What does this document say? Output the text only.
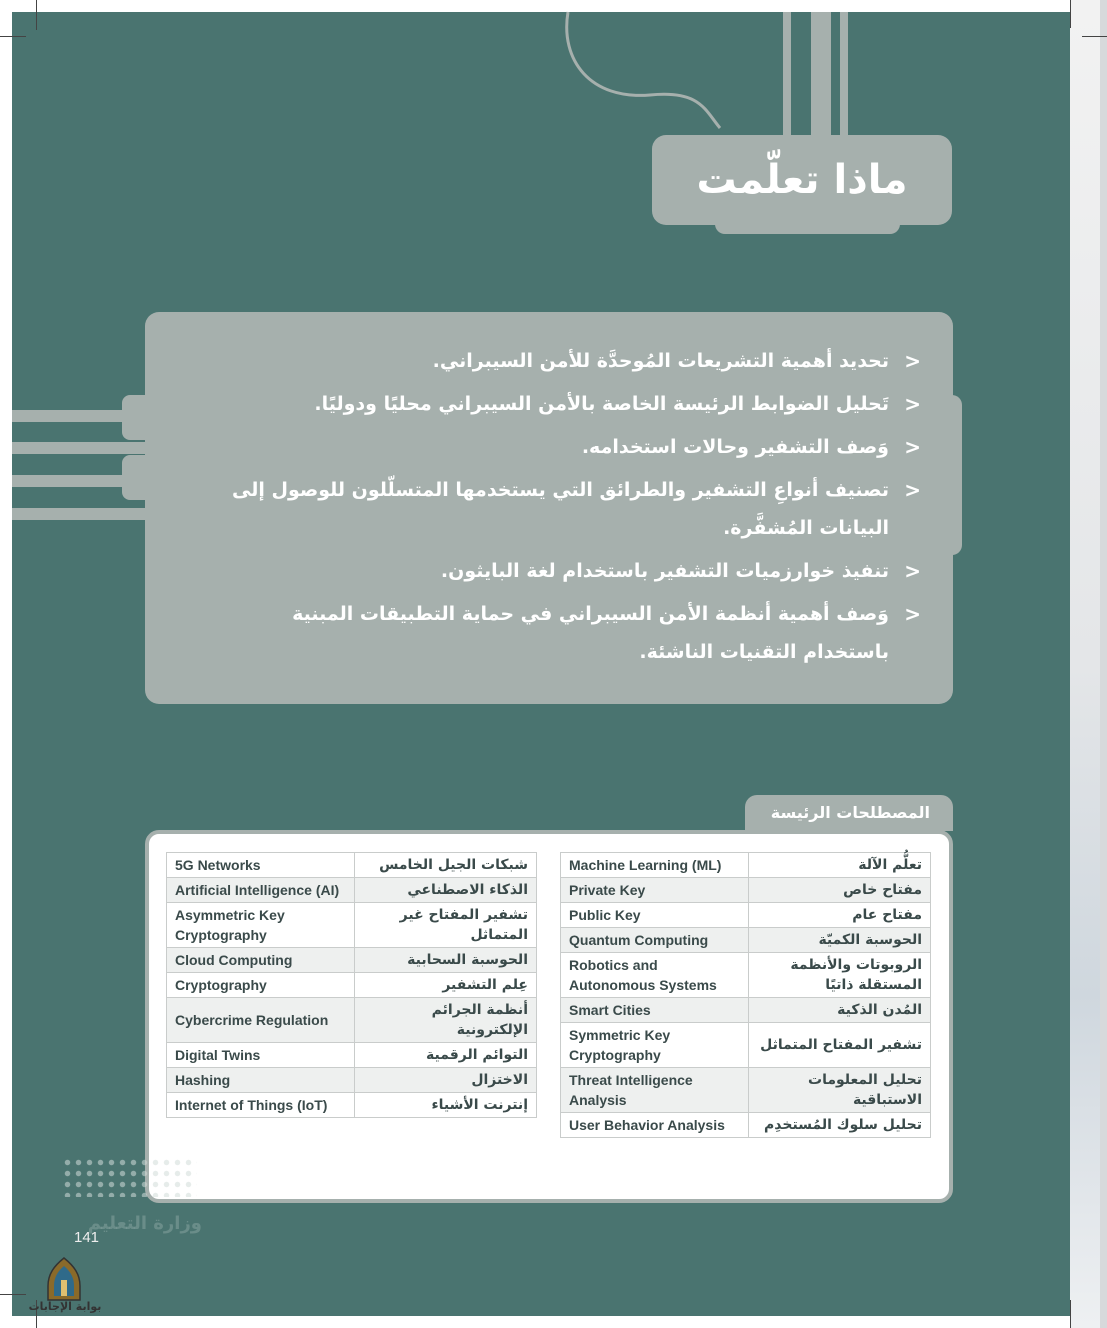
ماذا تعلّمت
<
تحديد أهمية التشريعات المُوحدَّة للأمن السيبراني.
<
تَحليل الضوابط الرئيسة الخاصة بالأمن السيبراني محليًا ودوليًا.
<
وَصف التشفير وحالات استخدامه.
<
تصنيف أنواعِ التشفير والطرائق التي يستخدمها المتسلّلون للوصول إلى البيانات المُشفَّرة.
<
تنفيذ خوارزميات التشفير باستخدام لغة البايثون.
<
وَصف أهمية أنظمة الأمن السيبراني في حماية التطبيقات المبنية باستخدام التقنيات الناشئة.
المصطلحات الرئيسة
5G Networks	شبكات الجيل الخامس
Artificial Intelligence (AI)	الذكاء الاصطناعي
Asymmetric Key Cryptography	تشفير المفتاح غير المتماثل
Cloud Computing	الحوسبة السحابية
Cryptography	عِلم التشفير
Cybercrime Regulation	أنظمة الجرائم الإلكترونية
Digital Twins	التوائم الرقمية
Hashing	الاختزال
Internet of Things (IoT)	إنترنت الأشياء
Machine Learning (ML)	تعلُّم الآلة
Private Key	مفتاح خاص
Public Key	مفتاح عام
Quantum Computing	الحوسبة الكميّة
Robotics and Autonomous Systems	الروبوتات والأنظمة المستقلة ذاتيًا
Smart Cities	المُدن الذكية
Symmetric Key Cryptography	تشفير المفتاح المتماثل
Threat Intelligence Analysis	تحليل المعلومات الاستباقية
User Behavior Analysis	تحليل سلوك المُستخدِم
وزارة التعليم
141
بوابة الإجابات
